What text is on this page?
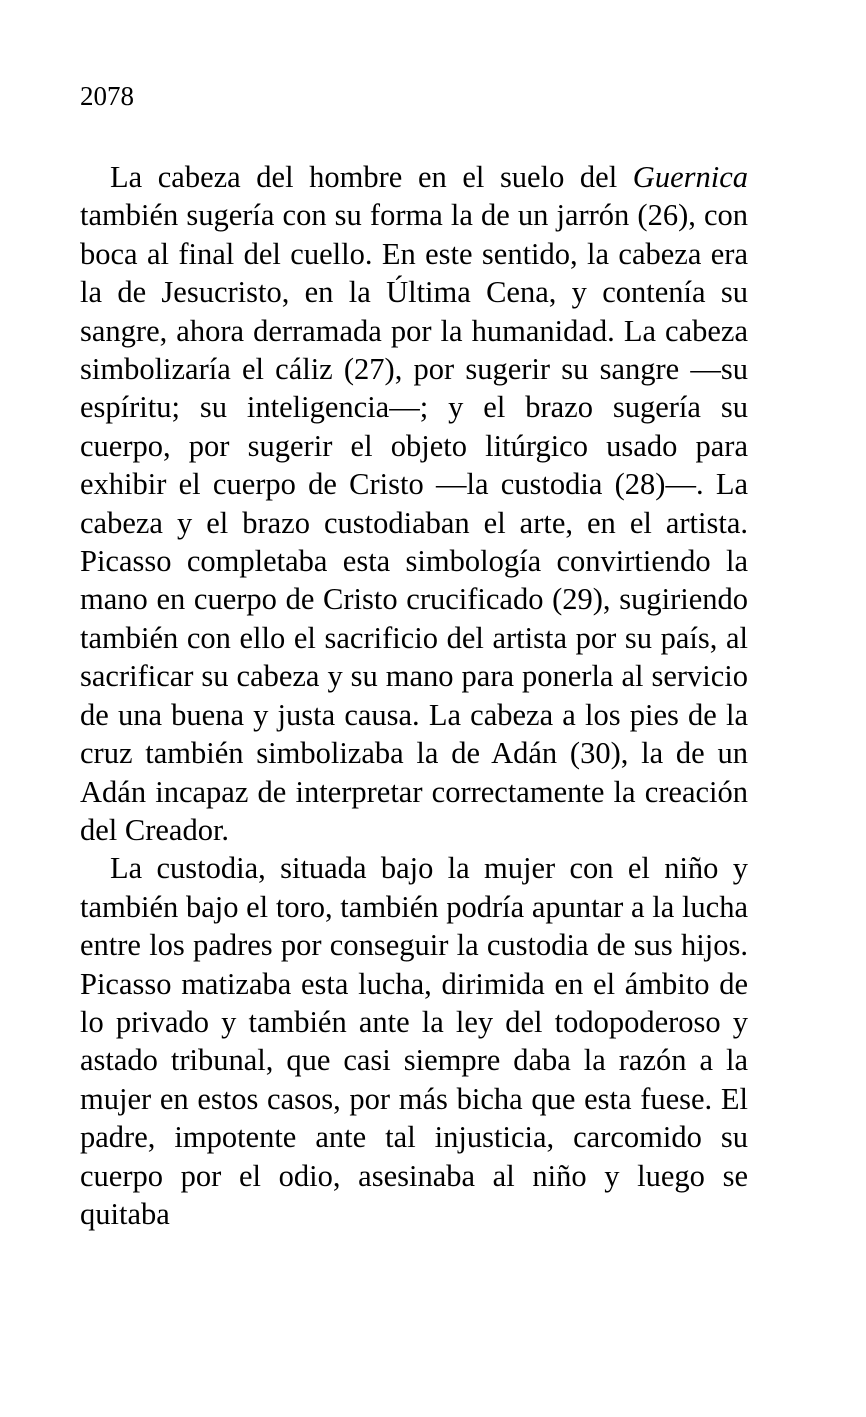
2078

La cabeza del hombre en el suelo del Guernica también sugería con su forma la de un jarrón (26), con boca al final del cuello. En este sentido, la cabeza era la de Jesucristo, en la Última Cena, y contenía su sangre, ahora derramada por la humanidad. La cabeza simbolizaría el cáliz (27), por sugerir su sangre —su espíritu; su inteligencia—; y el brazo sugería su cuerpo, por sugerir el objeto litúrgico usado para exhibir el cuerpo de Cristo —la custodia (28)—. La cabeza y el brazo custodiaban el arte, en el artista. Picasso completaba esta simbología convirtiendo la mano en cuerpo de Cristo crucificado (29), sugiriendo también con ello el sacrificio del artista por su país, al sacrificar su cabeza y su mano para ponerla al servicio de una buena y justa causa. La cabeza a los pies de la cruz también simbolizaba la de Adán (30), la de un Adán incapaz de interpretar correctamente la creación del Creador.

La custodia, situada bajo la mujer con el niño y también bajo el toro, también podría apuntar a la lucha entre los padres por conseguir la custodia de sus hijos. Picasso matizaba esta lucha, dirimida en el ámbito de lo privado y también ante la ley del todopoderoso y astado tribunal, que casi siempre daba la razón a la mujer en estos casos, por más bicha que esta fuese. El padre, impotente ante tal injusticia, carcomido su cuerpo por el odio, asesinaba al niño y luego se quitaba
